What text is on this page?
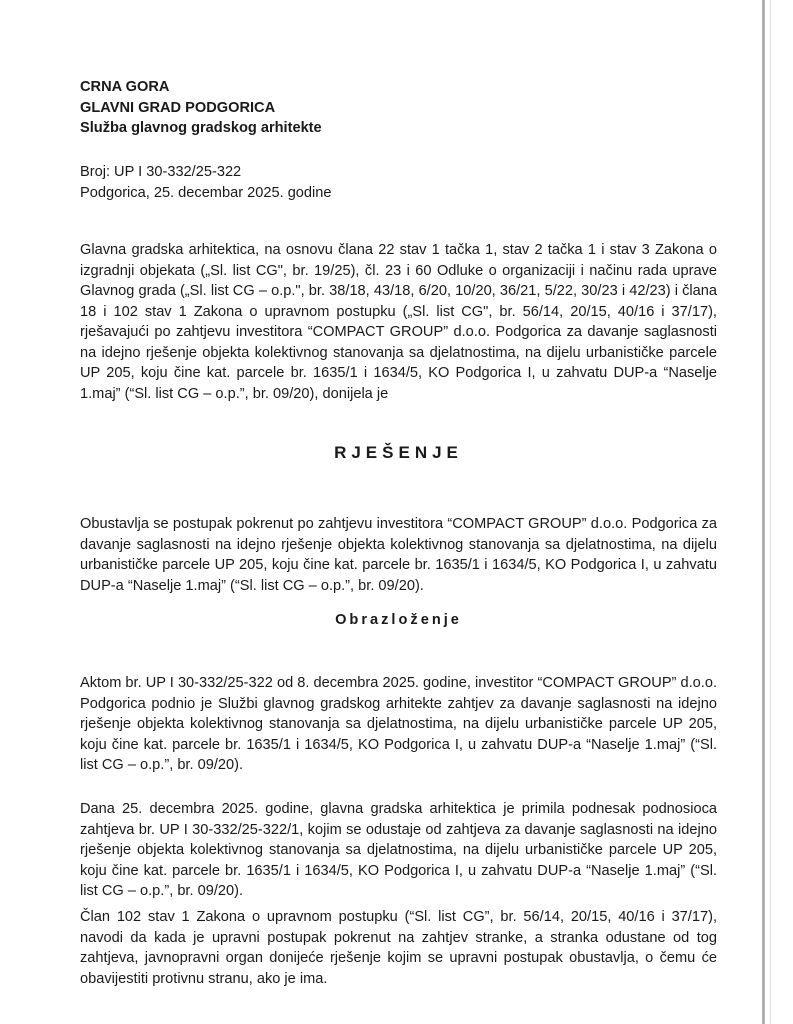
CRNA GORA
GLAVNI GRAD PODGORICA
Služba glavnog gradskog arhitekte
Broj: UP I 30-332/25-322
Podgorica, 25. decembar 2025. godine

Glavna gradska arhitektica, na osnovu člana 22 stav 1 tačka 1, stav 2 tačka 1 i stav 3 Zakona o izgradnji objekata („Sl. list CG", br. 19/25), čl. 23 i 60 Odluke o organizaciji i načinu rada uprave Glavnog grada („Sl. list CG – o.p.", br. 38/18, 43/18, 6/20, 10/20, 36/21, 5/22, 30/23 i 42/23) i člana 18 i 102 stav 1 Zakona o upravnom postupku („Sl. list CG", br. 56/14, 20/15, 40/16 i 37/17), rješavajući po zahtjevu investitora “COMPACT GROUP” d.o.o. Podgorica za davanje saglasnosti na idejno rješenje objekta kolektivnog stanovanja sa djelatnostima, na dijelu urbanističke parcele UP 205, koju čine kat. parcele br. 1635/1 i 1634/5, KO Podgorica I, u zahvatu DUP-a “Naselje 1.maj” (“Sl. list CG – o.p.”, br. 09/20), donijela je

RJEŠENJE

Obustavlja se postupak pokrenut po zahtjevu investitora “COMPACT GROUP” d.o.o. Podgorica za davanje saglasnosti na idejno rješenje objekta kolektivnog stanovanja sa djelatnostima, na dijelu urbanističke parcele UP 205, koju čine kat. parcele br. 1635/1 i 1634/5, KO Podgorica I, u zahvatu DUP-a “Naselje 1.maj” (“Sl. list CG – o.p.”, br. 09/20).

Obrazloženje

Aktom br. UP I 30-332/25-322 od 8. decembra 2025. godine, investitor “COMPACT GROUP” d.o.o. Podgorica podnio je Službi glavnog gradskog arhitekte zahtjev za davanje saglasnosti na idejno rješenje objekta kolektivnog stanovanja sa djelatnostima, na dijelu urbanističke parcele UP 205, koju čine kat. parcele br. 1635/1 i 1634/5, KO Podgorica I, u zahvatu DUP-a “Naselje 1.maj” (“Sl. list CG – o.p.”, br. 09/20).

Dana 25. decembra 2025. godine, glavna gradska arhitektica je primila podnesak podnosioca zahtjeva br. UP I 30-332/25-322/1, kojim se odustaje od zahtjeva za davanje saglasnosti na idejno rješenje objekta kolektivnog stanovanja sa djelatnostima, na dijelu urbanističke parcele UP 205, koju čine kat. parcele br. 1635/1 i 1634/5, KO Podgorica I, u zahvatu DUP-a “Naselje 1.maj” (“Sl. list CG – o.p.”, br. 09/20).

Član 102 stav 1 Zakona o upravnom postupku (“Sl. list CG”, br. 56/14, 20/15, 40/16 i 37/17), navodi da kada je upravni postupak pokrenut na zahtjev stranke, a stranka odustane od tog zahtjeva, javnopravni organ donijeće rješenje kojim se upravni postupak obustavlja, o čemu će obavijestiti protivnu stranu, ako je ima.
